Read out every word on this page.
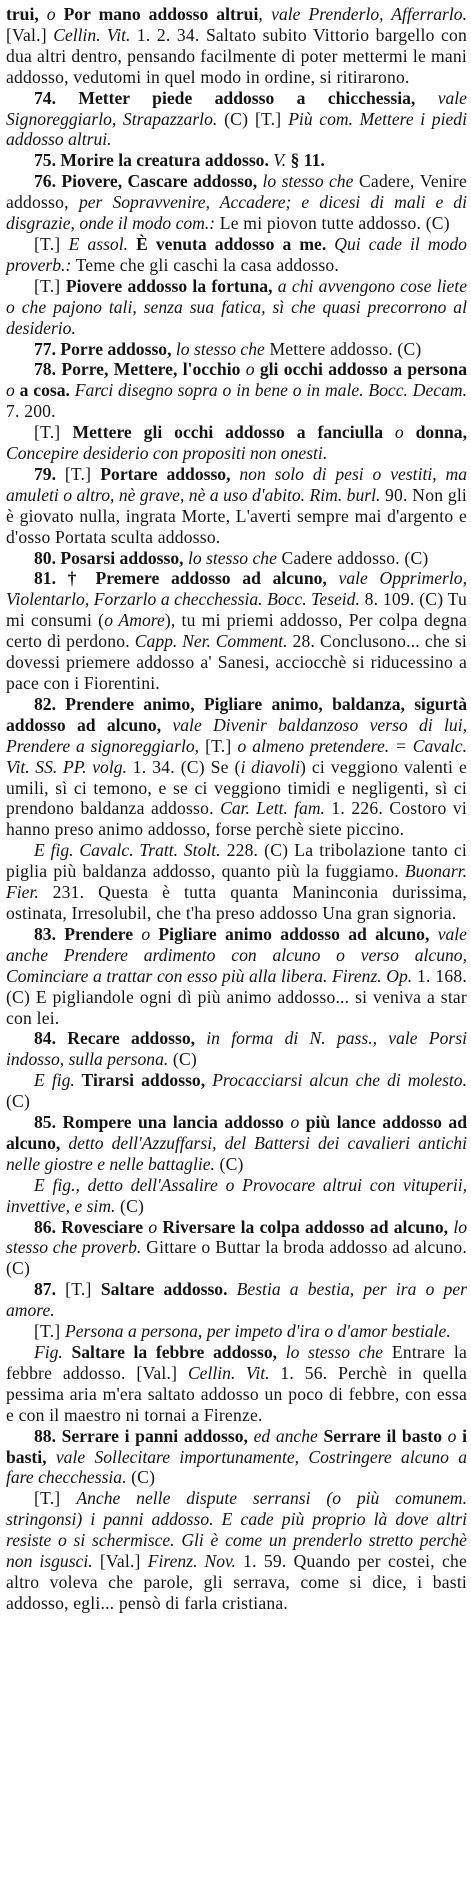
trui, o Por mano addosso altrui, vale Prenderlo, Afferrarlo. [Val.] Cellin. Vit. 1. 2. 34. Saltato subito Vittorio bargello con dua altri dentro, pensando facilmente di poter mettermi le mani addosso, vedutomi in quel modo in ordine, si ritirarono.

74. Metter piede addosso a chicchessia, vale Signoreggiarlo, Strapazzarlo. (C) [T.] Più com. Mettere i piedi addosso altrui.

75. Morire la creatura addosso. V. § 11.

76. Piovere, Cascare addosso, lo stesso che Cadere, Venire addosso, per Sopravvenire, Accadere; e dicesi di mali e di disgrazie, onde il modo com.: Le mi piovon tutte addosso. (C)

[T.] E assol. È venuta addosso a me. Qui cade il modo proverb.: Teme che gli caschi la casa addosso.

[T.] Piovere addosso la fortuna, a chi avvengono cose liete o che pajono tali, senza sua fatica, sì che quasi precorrono al desiderio.

77. Porre addosso, lo stesso che Mettere addosso. (C)

78. Porre, Mettere, l'occhio o gli occhi addosso a persona o a cosa. Farci disegno sopra o in bene o in male. Bocc. Decam. 7. 200.

[T.] Mettere gli occhi addosso a fanciulla o donna, Concepire desiderio con propositi non onesti.

79. [T.] Portare addosso, non solo di pesi o vestiti, ma amuleti o altro, nè grave, nè a uso d'abito. Rim. burl. 90. Non gli è giovato nulla, ingrata Morte, L'averti sempre mai d'argento e d'osso Portata sculta addosso.

80. Posarsi addosso, lo stesso che Cadere addosso. (C)

81. † Premere addosso ad alcuno, vale Opprimerlo, Violentarlo, Forzarlo a checchessia. Bocc. Teseid. 8. 109. (C) Tu mi consumi (o Amore), tu mi priemi addosso, Per colpa degna certo di perdono. Capp. Ner. Comment. 28. Conclusono... che si dovessi priemere addosso a' Sanesi, acciocchè si riducessino a pace con i Fiorentini.

82. Prendere animo, Pigliare animo, baldanza, sigurtà addosso ad alcuno, vale Divenir baldanzoso verso di lui, Prendere a signoreggiarlo, [T.] o almeno pretendere. = Cavalc. Vit. SS. PP. volg. 1. 34. (C) Se (i diavoli) ci veggiono valenti e umili, sì ci temono, e se ci veggiono timidi e negligenti, sì ci prendono baldanza addosso. Car. Lett. fam. 1. 226. Costoro vi hanno preso animo addosso, forse perchè siete piccino.

E fig. Cavalc. Tratt. Stolt. 228. (C) La tribolazione tanto ci piglia più baldanza addosso, quanto più la fuggiamo. Buonarr. Fier. 231. Questa è tutta quanta Maninconia durissima, ostinata, Irresolubil, che t'ha preso addosso Una gran signoria.

83. Prendere o Pigliare animo addosso ad alcuno, vale anche Prendere ardimento con alcuno o verso alcuno, Cominciare a trattar con esso più alla libera. Firenz. Op. 1. 168. (C) E pigliandole ogni dì più animo addosso... si veniva a star con lei.

84. Recare addosso, in forma di N. pass., vale Porsi indosso, sulla persona. (C)

E fig. Tirarsi addosso, Procacciarsi alcun che di molesto. (C)

85. Rompere una lancia addosso o più lance addosso ad alcuno, detto dell'Azzuffarsi, del Battersi dei cavalieri antichi nelle giostre e nelle battaglie. (C)

E fig., detto dell'Assalire o Provocare altrui con vituperii, invettive, e sim. (C)

86. Rovesciare o Riversare la colpa addosso ad alcuno, lo stesso che proverb. Gittare o Buttar la broda addosso ad alcuno. (C)

87. [T.] Saltare addosso. Bestia a bestia, per ira o per amore.

[T.] Persona a persona, per impeto d'ira o d'amor bestiale.

Fig. Saltare la febbre addosso, lo stesso che Entrare la febbre addosso. [Val.] Cellin. Vit. 1. 56. Perchè in quella pessima aria m'era saltato addosso un poco di febbre, con essa e con il maestro ni tornai a Firenze.

88. Serrare i panni addosso, ed anche Serrare il basto o i basti, vale Sollecitare importunamente, Costringere alcuno a fare checchessia. (C)

[T.] Anche nelle dispute serransi (o più comunem. stringonsi) i panni addosso. E cade più proprio là dove altri resiste o si schermisce. Gli è come un prenderlo stretto perchè non isgusci. [Val.] Firenz. Nov. 1. 59. Quando per costei, che altro voleva che parole, gli serrava, come si dice, i basti addosso, egli... pensò di farla cristiana.
